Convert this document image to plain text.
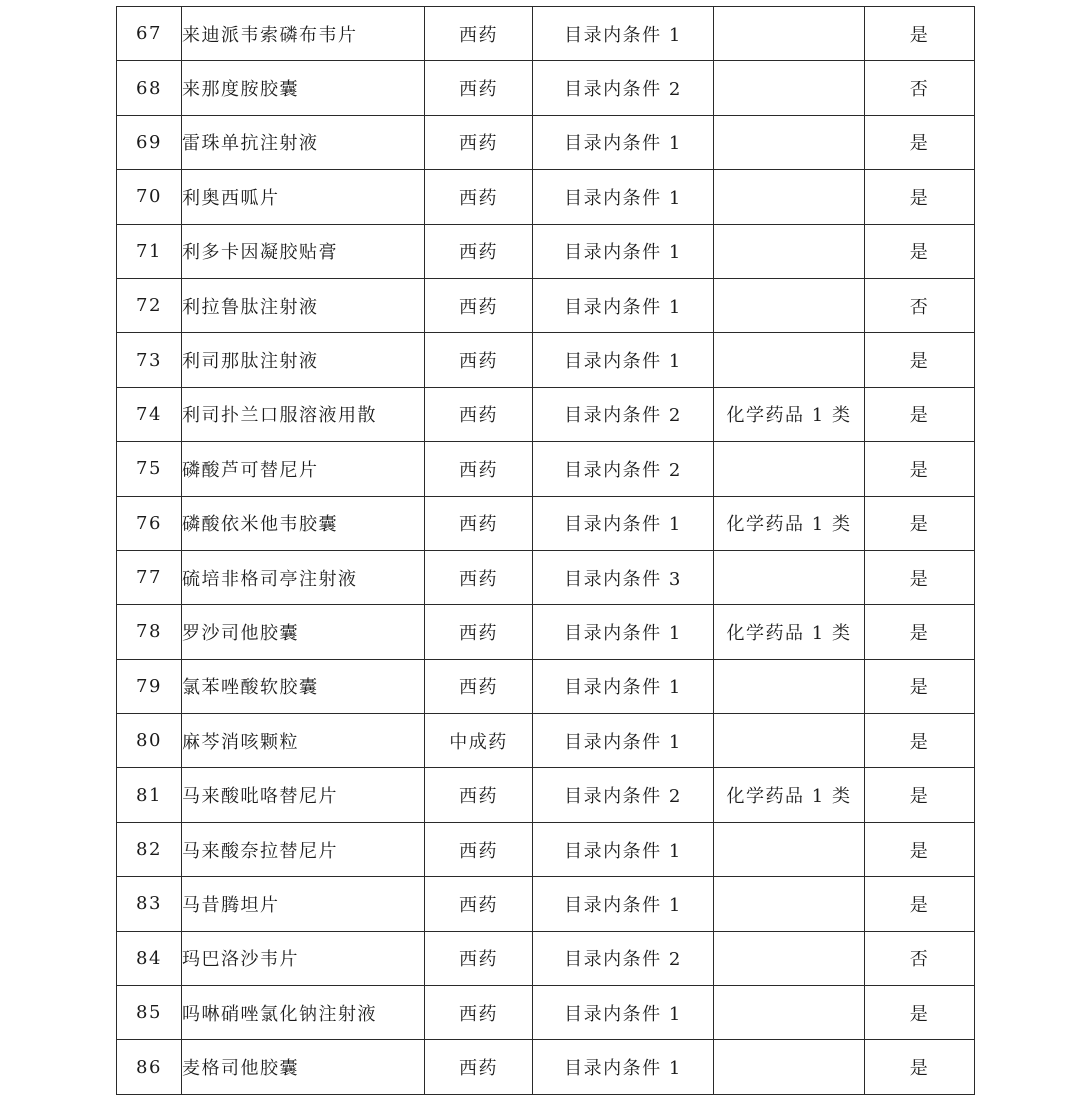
67	来迪派韦索磷布韦片	西药	目录内条件 1		是
68	来那度胺胶囊	西药	目录内条件 2		否
69	雷珠单抗注射液	西药	目录内条件 1		是
70	利奥西呱片	西药	目录内条件 1		是
71	利多卡因凝胶贴膏	西药	目录内条件 1		是
72	利拉鲁肽注射液	西药	目录内条件 1		否
73	利司那肽注射液	西药	目录内条件 1		是
74	利司扑兰口服溶液用散	西药	目录内条件 2	化学药品 1 类	是
75	磷酸芦可替尼片	西药	目录内条件 2		是
76	磷酸依米他韦胶囊	西药	目录内条件 1	化学药品 1 类	是
77	硫培非格司亭注射液	西药	目录内条件 3		是
78	罗沙司他胶囊	西药	目录内条件 1	化学药品 1 类	是
79	氯苯唑酸软胶囊	西药	目录内条件 1		是
80	麻芩消咳颗粒	中成药	目录内条件 1		是
81	马来酸吡咯替尼片	西药	目录内条件 2	化学药品 1 类	是
82	马来酸奈拉替尼片	西药	目录内条件 1		是
83	马昔腾坦片	西药	目录内条件 1		是
84	玛巴洛沙韦片	西药	目录内条件 2		否
85	吗啉硝唑氯化钠注射液	西药	目录内条件 1		是
86	麦格司他胶囊	西药	目录内条件 1		是
